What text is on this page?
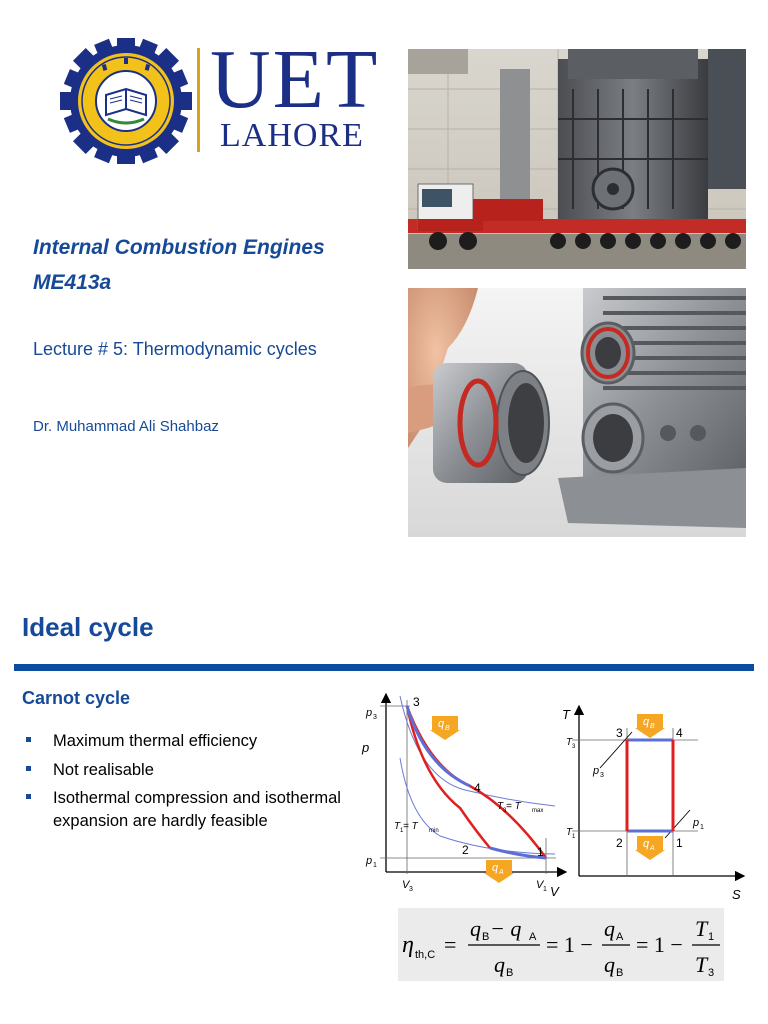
UET
LAHORE
Internal Combustion Engines
ME413a
Lecture # 5: Thermodynamic cycles
Dr. Muhammad Ali Shahbaz
Ideal cycle
Carnot cycle
Maximum thermal efficiency
Not realisable
Isothermal compression and isothermal expansion are hardly feasible
q B
q A
p
V
p 3
p 1
V 3	V 1
3
4
2	1
T 3 = T max
T 1 = T min
q B
q A
T
S
T 3
T 1
p 3
p 1
3	4
2	1
η th,C =
q B − q A
q B
= 1 −
q A
q B
= 1 −
T 1
T 3
